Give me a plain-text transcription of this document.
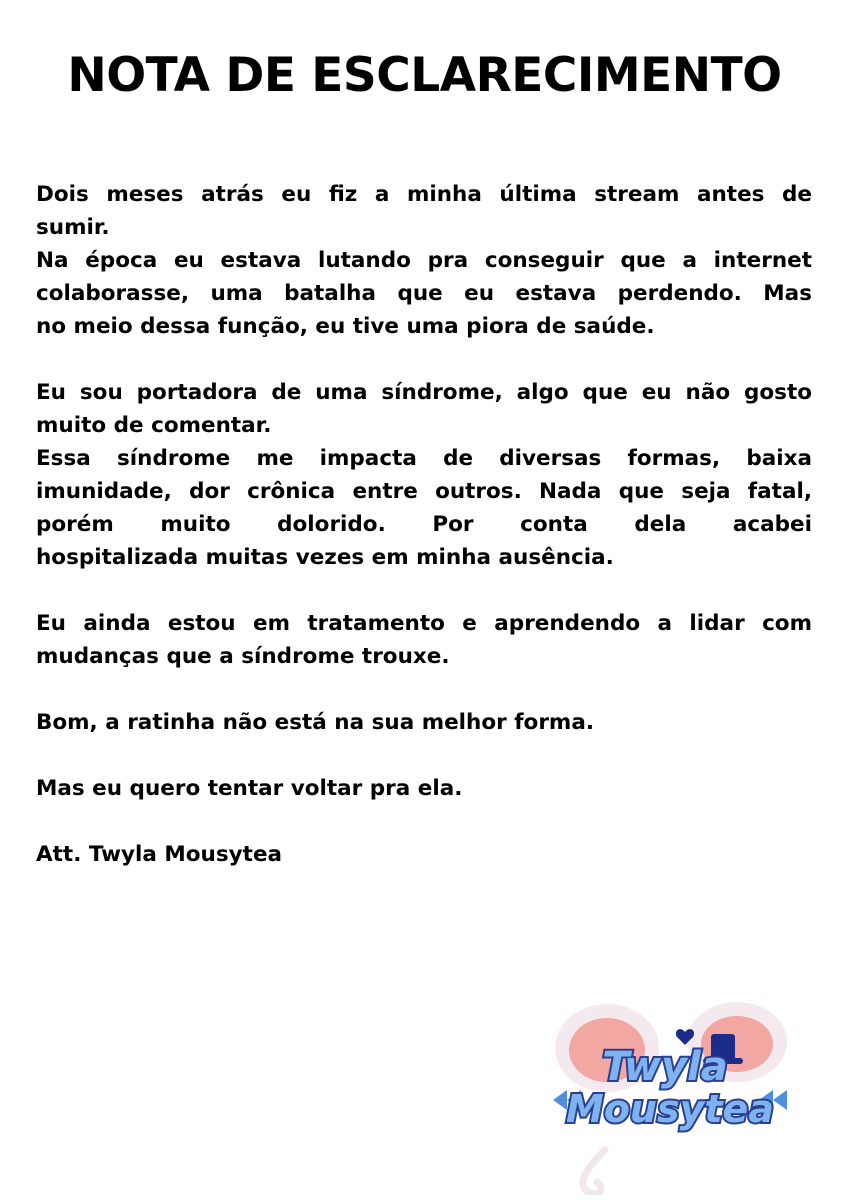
NOTA DE ESCLARECIMENTO
Dois meses atrás eu fiz a minha última stream antes de
sumir.
Na época eu estava lutando pra conseguir que a internet
colaborasse, uma batalha que eu estava perdendo. Mas
no meio dessa função, eu tive uma piora de saúde.
Eu sou portadora de uma síndrome, algo que eu não gosto
muito de comentar.
Essa síndrome me impacta de diversas formas, baixa
imunidade, dor crônica entre outros. Nada que seja fatal,
porém muito dolorido. Por conta dela acabei
hospitalizada muitas vezes em minha ausência.
Eu ainda estou em tratamento e aprendendo a lidar com
mudanças que a síndrome trouxe.
Bom, a ratinha não está na sua melhor forma.
Mas eu quero tentar voltar pra ela.

Att. Twyla Mousytea

Twyla
Mousytea
